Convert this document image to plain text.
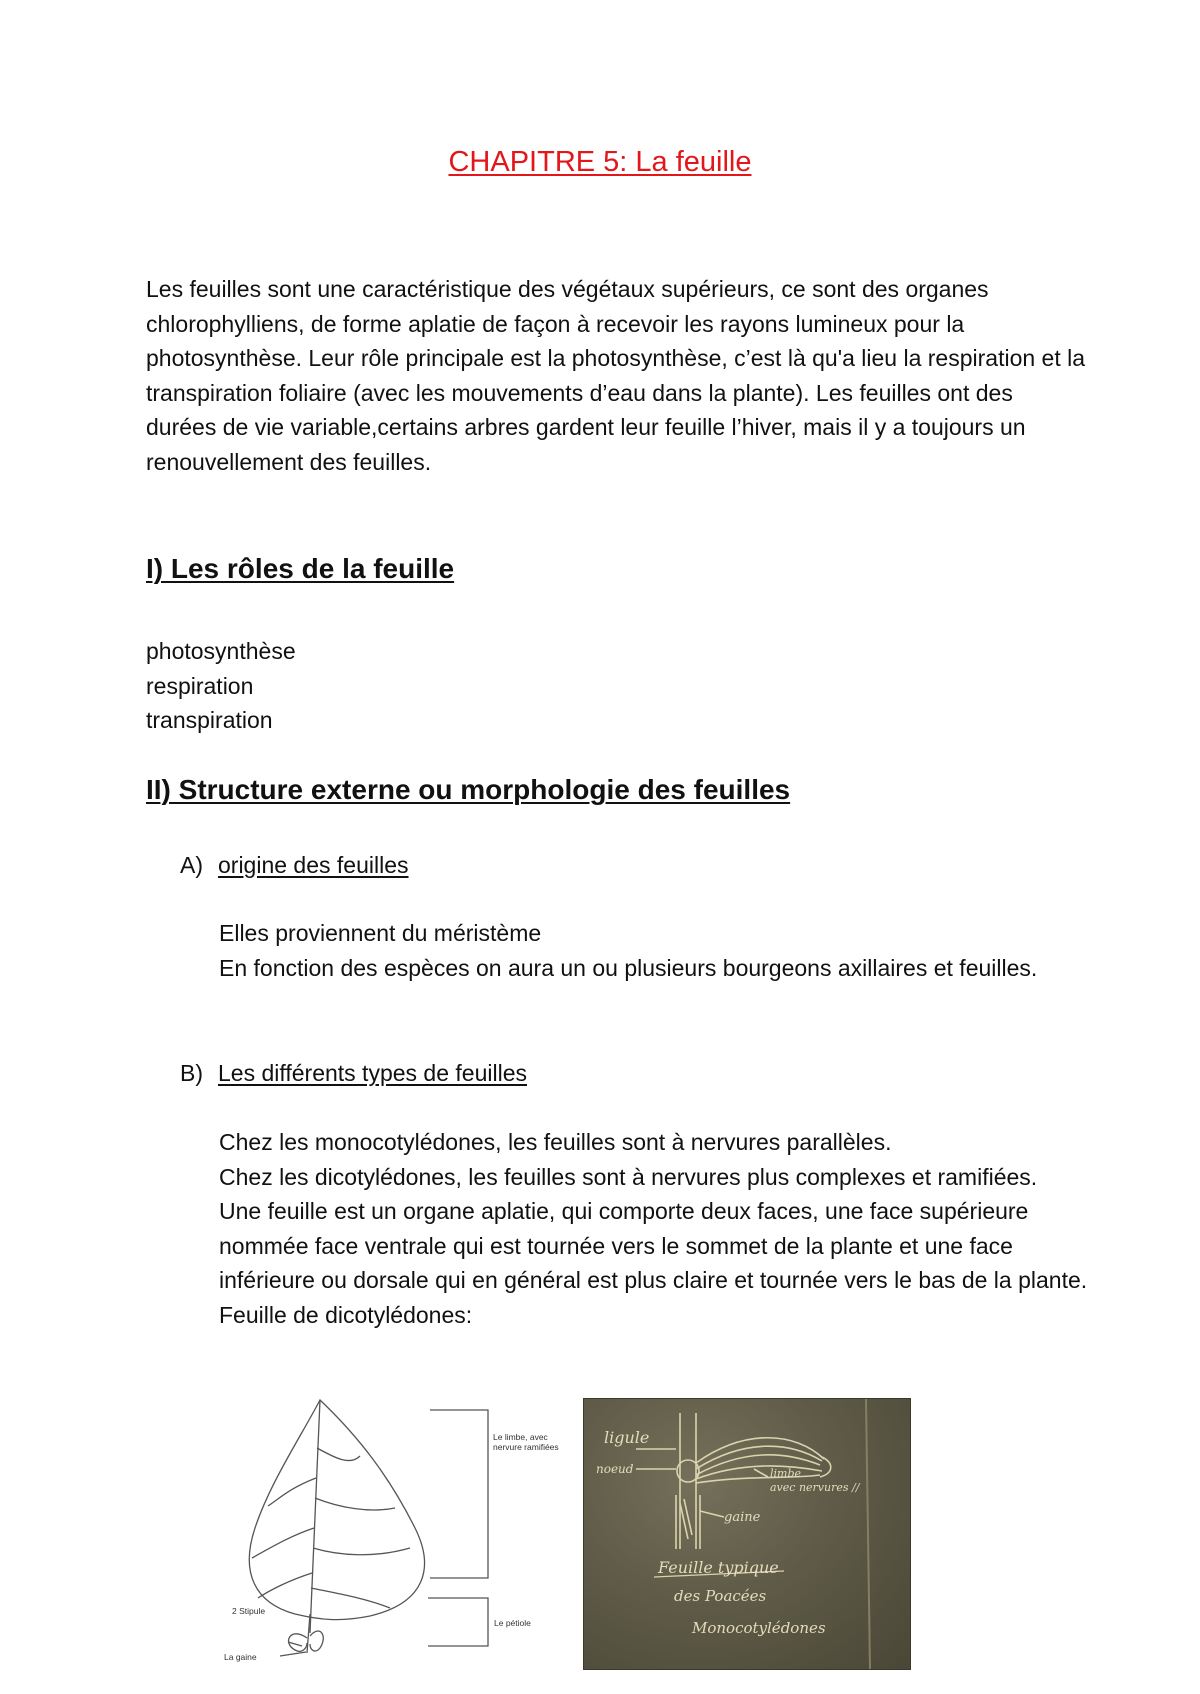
CHAPITRE 5: La feuille

Les feuilles sont une caractéristique des végétaux supérieurs, ce sont des organes chlorophylliens, de forme aplatie de façon à recevoir les rayons lumineux pour la photosynthèse. Leur rôle principale est la photosynthèse, c’est là qu'a lieu la respiration et la transpiration foliaire (avec les mouvements d’eau dans la plante). Les feuilles ont des durées de vie variable,certains arbres gardent leur feuille l’hiver, mais il y a toujours un renouvellement des feuilles.

I) Les rôles de la feuille
photosynthèse
respiration
transpiration
II) Structure externe ou morphologie des feuilles
A) origine des feuilles
Elles proviennent du méristème
En fonction des espèces on aura un ou plusieurs bourgeons axillaires et feuilles.
B) Les différents types de feuilles
Chez les monocotylédones, les feuilles sont à nervures parallèles.
Chez les dicotylédones, les feuilles sont à nervures plus complexes et ramifiées.
Une feuille est un organe aplatie, qui comporte deux faces, une face supérieure nommée face ventrale qui est tournée vers le sommet de la plante et une face inférieure ou dorsale qui en général est plus claire et tournée vers le bas de la plante.
Feuille de dicotylédones:
Le limbe, avec
nervure ramifiées
2 Stipule
Le pétiole
La gaine
ligule
noeud	limbe
avec nervures //
gaine
Feuille typique
des Poacées
Monocotylédones
